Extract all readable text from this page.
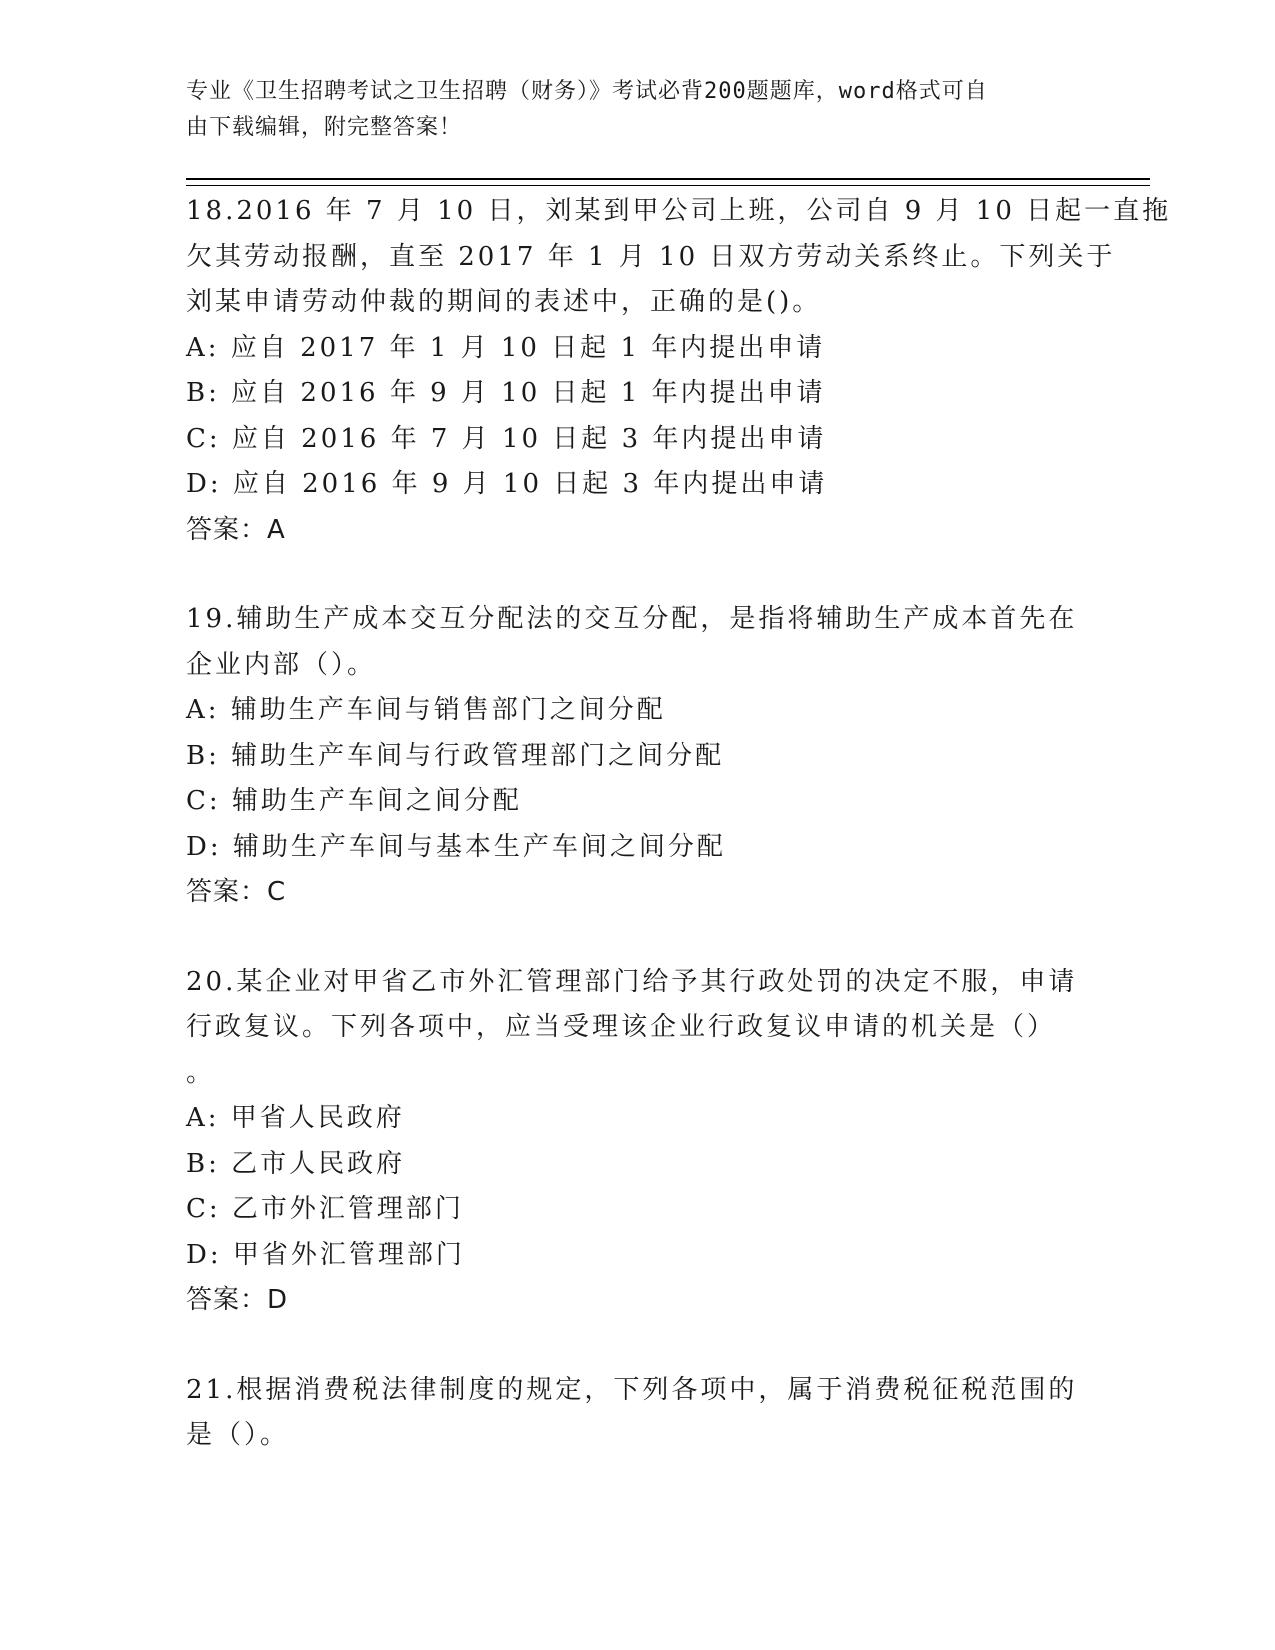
专业《卫生招聘考试之卫生招聘（财务）》考试必背200题题库，word格式可自
由下载编辑，附完整答案！
18.2016 年 7 月 10 日，刘某到甲公司上班，公司自 9 月 10 日起一直拖
欠其劳动报酬，直至 2017 年 1 月 10 日双方劳动关系终止。下列关于
刘某申请劳动仲裁的期间的表述中，正确的是()。
A: 应自 2017 年 1 月 10 日起 1 年内提出申请
B: 应自 2016 年 9 月 10 日起 1 年内提出申请
C: 应自 2016 年 7 月 10 日起 3 年内提出申请
D: 应自 2016 年 9 月 10 日起 3 年内提出申请
答案：A
19.辅助生产成本交互分配法的交互分配，是指将辅助生产成本首先在
企业内部（）。
A: 辅助生产车间与销售部门之间分配
B: 辅助生产车间与行政管理部门之间分配
C: 辅助生产车间之间分配
D: 辅助生产车间与基本生产车间之间分配
答案：C
20.某企业对甲省乙市外汇管理部门给予其行政处罚的决定不服，申请
行政复议。下列各项中，应当受理该企业行政复议申请的机关是（）
。
A: 甲省人民政府
B: 乙市人民政府
C: 乙市外汇管理部门
D: 甲省外汇管理部门
答案：D
21.根据消费税法律制度的规定，下列各项中，属于消费税征税范围的
是（）。
